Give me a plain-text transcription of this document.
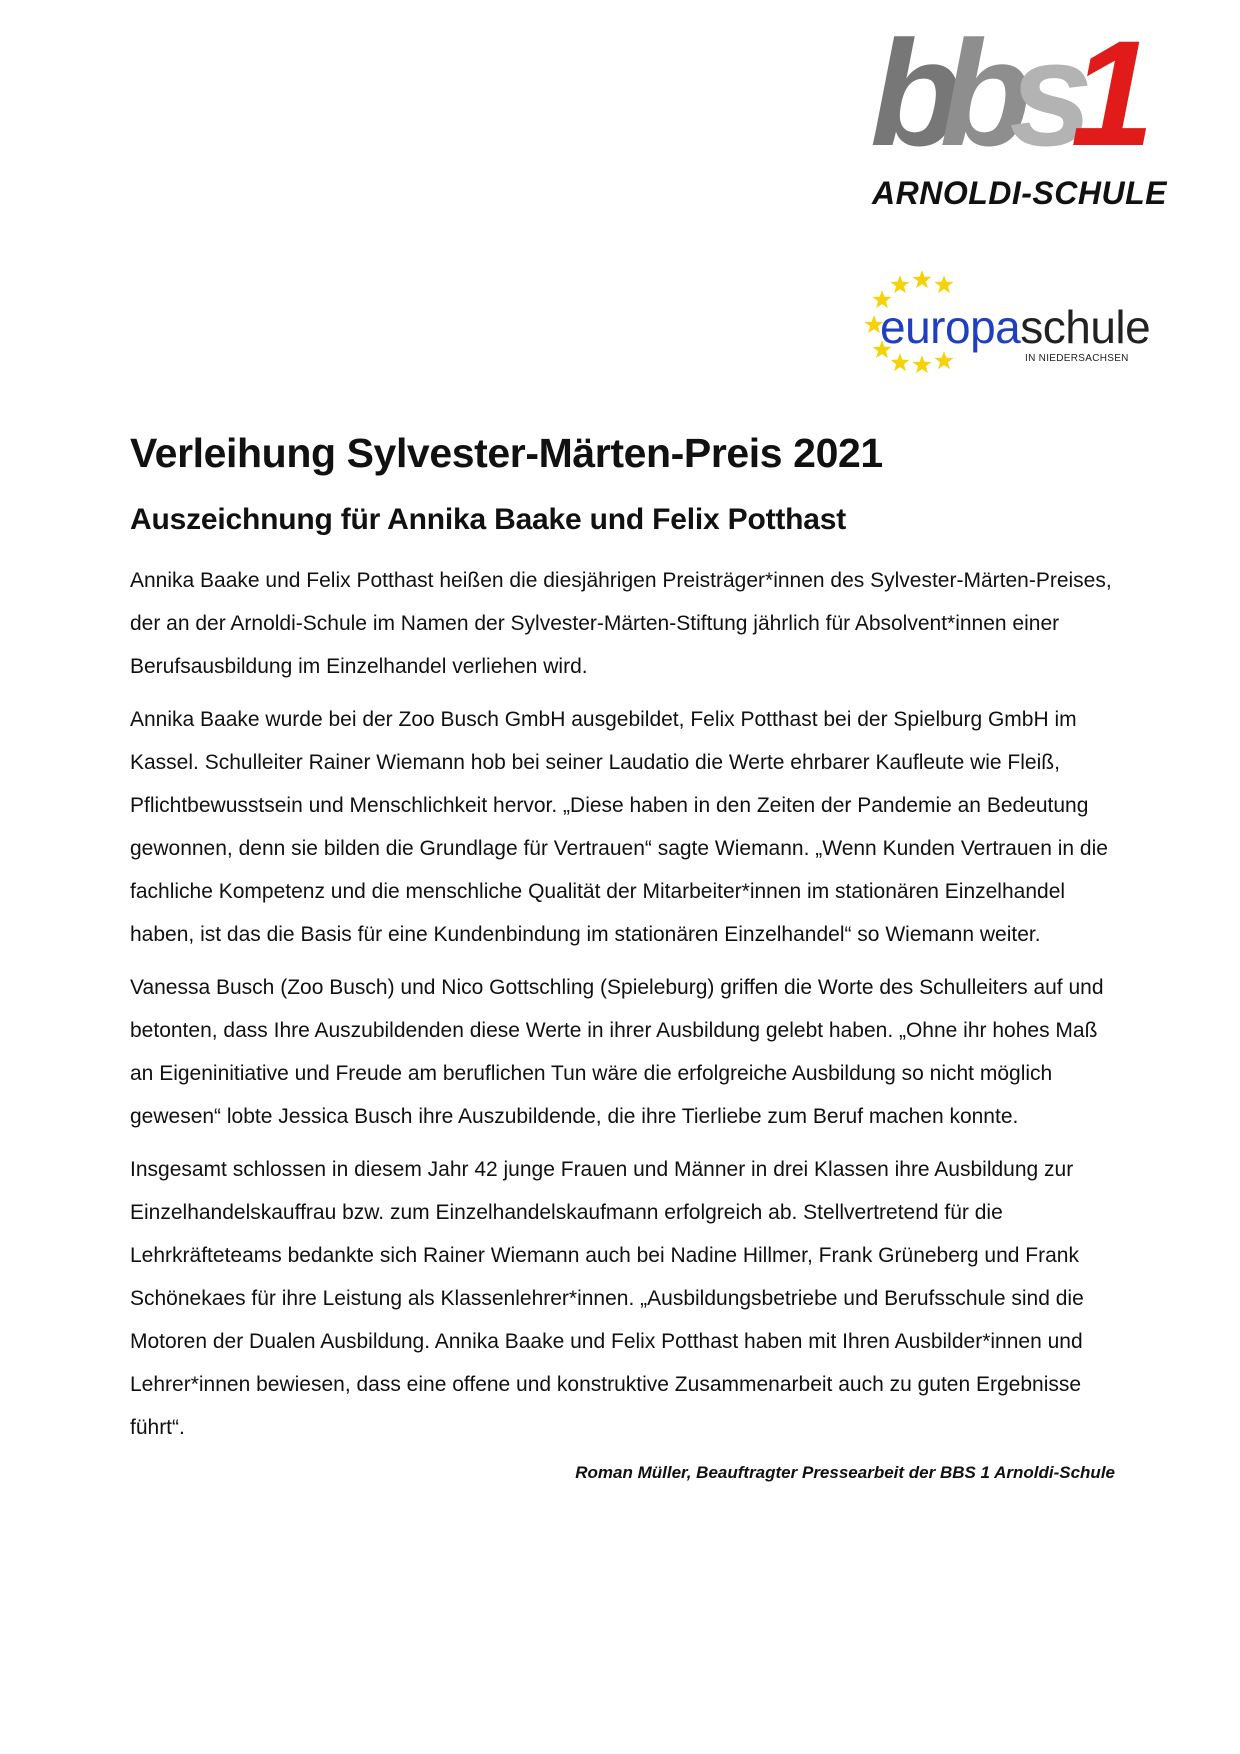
bbs1
ARNOLDI-SCHULE
europaschule
IN NIEDERSACHSEN
Verleihung Sylvester-Märten-Preis 2021
Auszeichnung für Annika Baake und Felix Potthast

Annika Baake und Felix Potthast heißen die diesjährigen Preisträger*innen des Sylvester-Märten-Preises, der an der Arnoldi-Schule im Namen der Sylvester-Märten-Stiftung jährlich für Absolvent*innen einer Berufsausbildung im Einzelhandel verliehen wird.

Annika Baake wurde bei der Zoo Busch GmbH ausgebildet, Felix Potthast bei der Spielburg GmbH im Kassel. Schulleiter Rainer Wiemann hob bei seiner Laudatio die Werte ehrbarer Kaufleute wie Fleiß, Pflichtbewusstsein und Menschlichkeit hervor. „Diese haben in den Zeiten der Pandemie an Bedeutung gewonnen, denn sie bilden die Grundlage für Vertrauen“ sagte Wiemann. „Wenn Kunden Vertrauen in die fachliche Kompetenz und die menschliche Qualität der Mitarbeiter*innen im stationären Einzelhandel haben, ist das die Basis für eine Kundenbindung im stationären Einzelhandel“ so Wiemann weiter.

Vanessa Busch (Zoo Busch) und Nico Gottschling (Spieleburg) griffen die Worte des Schulleiters auf und betonten, dass Ihre Auszubildenden diese Werte in ihrer Ausbildung gelebt haben. „Ohne ihr hohes Maß an Eigeninitiative und Freude am beruflichen Tun wäre die erfolgreiche Ausbildung so nicht möglich gewesen“ lobte Jessica Busch ihre Auszubildende, die ihre Tierliebe zum Beruf machen konnte.

Insgesamt schlossen in diesem Jahr 42 junge Frauen und Männer in drei Klassen ihre Ausbildung zur Einzelhandelskauffrau bzw. zum Einzelhandelskaufmann erfolgreich ab. Stellvertretend für die Lehrkräfteteams bedankte sich Rainer Wiemann auch bei Nadine Hillmer, Frank Grüneberg und Frank Schönekaes für ihre Leistung als Klassenlehrer*innen. „Ausbildungsbetriebe und Berufsschule sind die Motoren der Dualen Ausbildung. Annika Baake und Felix Potthast haben mit Ihren Ausbilder*innen und Lehrer*innen bewiesen, dass eine offene und konstruktive Zusammenarbeit auch zu guten Ergebnisse führt“.

Roman Müller, Beauftragter Pressearbeit der BBS 1 Arnoldi-Schule
